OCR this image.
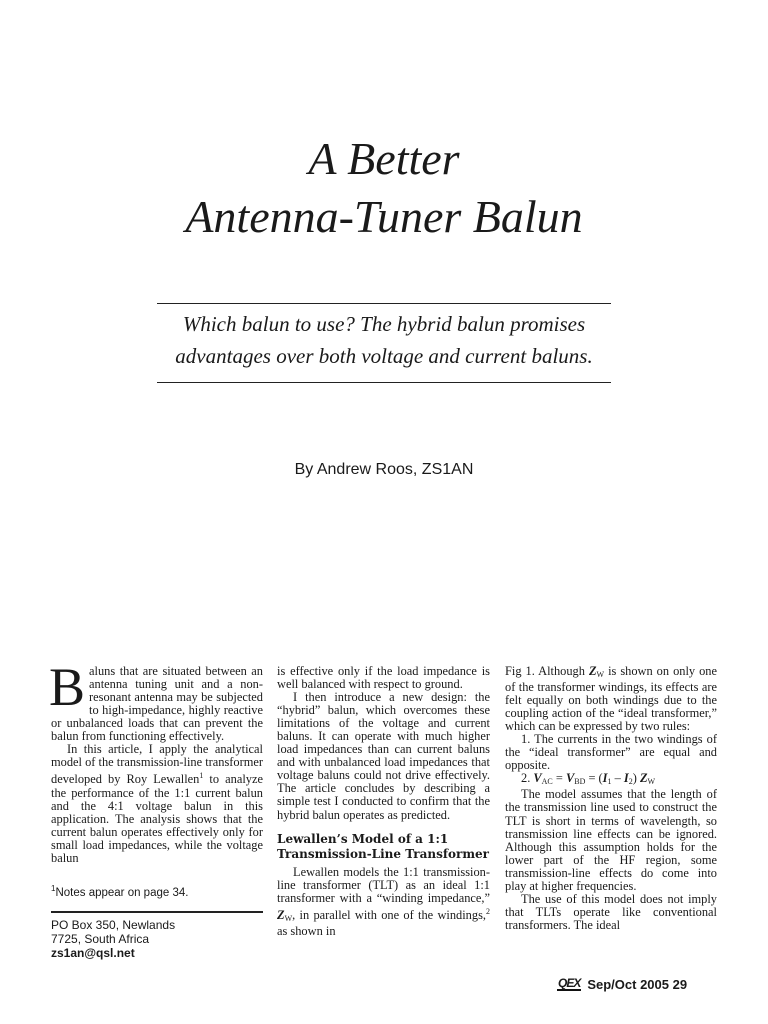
A Better
Antenna-Tuner Balun
Which balun to use? The hybrid balun promises
advantages over both voltage and current baluns.
By Andrew Roos, ZS1AN

Baluns that are situated between an antenna tuning unit and a non-resonant antenna may be subjected to high-impedance, highly reactive or unbalanced loads that can prevent the balun from functioning effectively.

In this article, I apply the analytical model of the transmission-line transformer developed by Roy Lewallen$^1$ to analyze the performance of the 1:1 current balun and the 4:1 voltage balun in this application. The analysis shows that the current balun operates effectively only for small load impedances, while the voltage balun

is effective only if the load impedance is well balanced with respect to ground.

I then introduce a new design: the “hybrid” balun, which overcomes these limitations of the voltage and current baluns. It can operate with much higher load impedances than can current baluns and with unbalanced load impedances that voltage baluns could not drive effectively. The article concludes by describing a simple test I conducted to confirm that the hybrid balun operates as predicted.

Lewallen’s Model of a 1:1 Transmission-Line Transformer

Lewallen models the 1:1 transmission-line transformer (TLT) as an ideal 1:1 transformer with a “winding impedance,” $Z_W$, in parallel with one of the windings,$^2$ as shown in

Fig 1. Although $Z_W$ is shown on only one of the transformer windings, its effects are felt equally on both windings due to the coupling action of the “ideal transformer,” which can be expressed by two rules:

1. The currents in the two windings of the “ideal transformer” are equal and opposite.

2. $V_{AC} = V_{BD} = (I_1 - I_2)$ $Z_W$

The model assumes that the length of the transmission line used to construct the TLT is short in terms of wavelength, so transmission line effects can be ignored. Although this assumption holds for the lower part of the HF region, some transmission-line effects do come into play at higher frequencies.

The use of this model does not imply that TLTs operate like conventional transformers. The ideal

$^1$Notes appear on page 34.
PO Box 350, Newlands
7725, South Africa
zs1an@qsl.net
QEX Sep/Oct 2005 29
